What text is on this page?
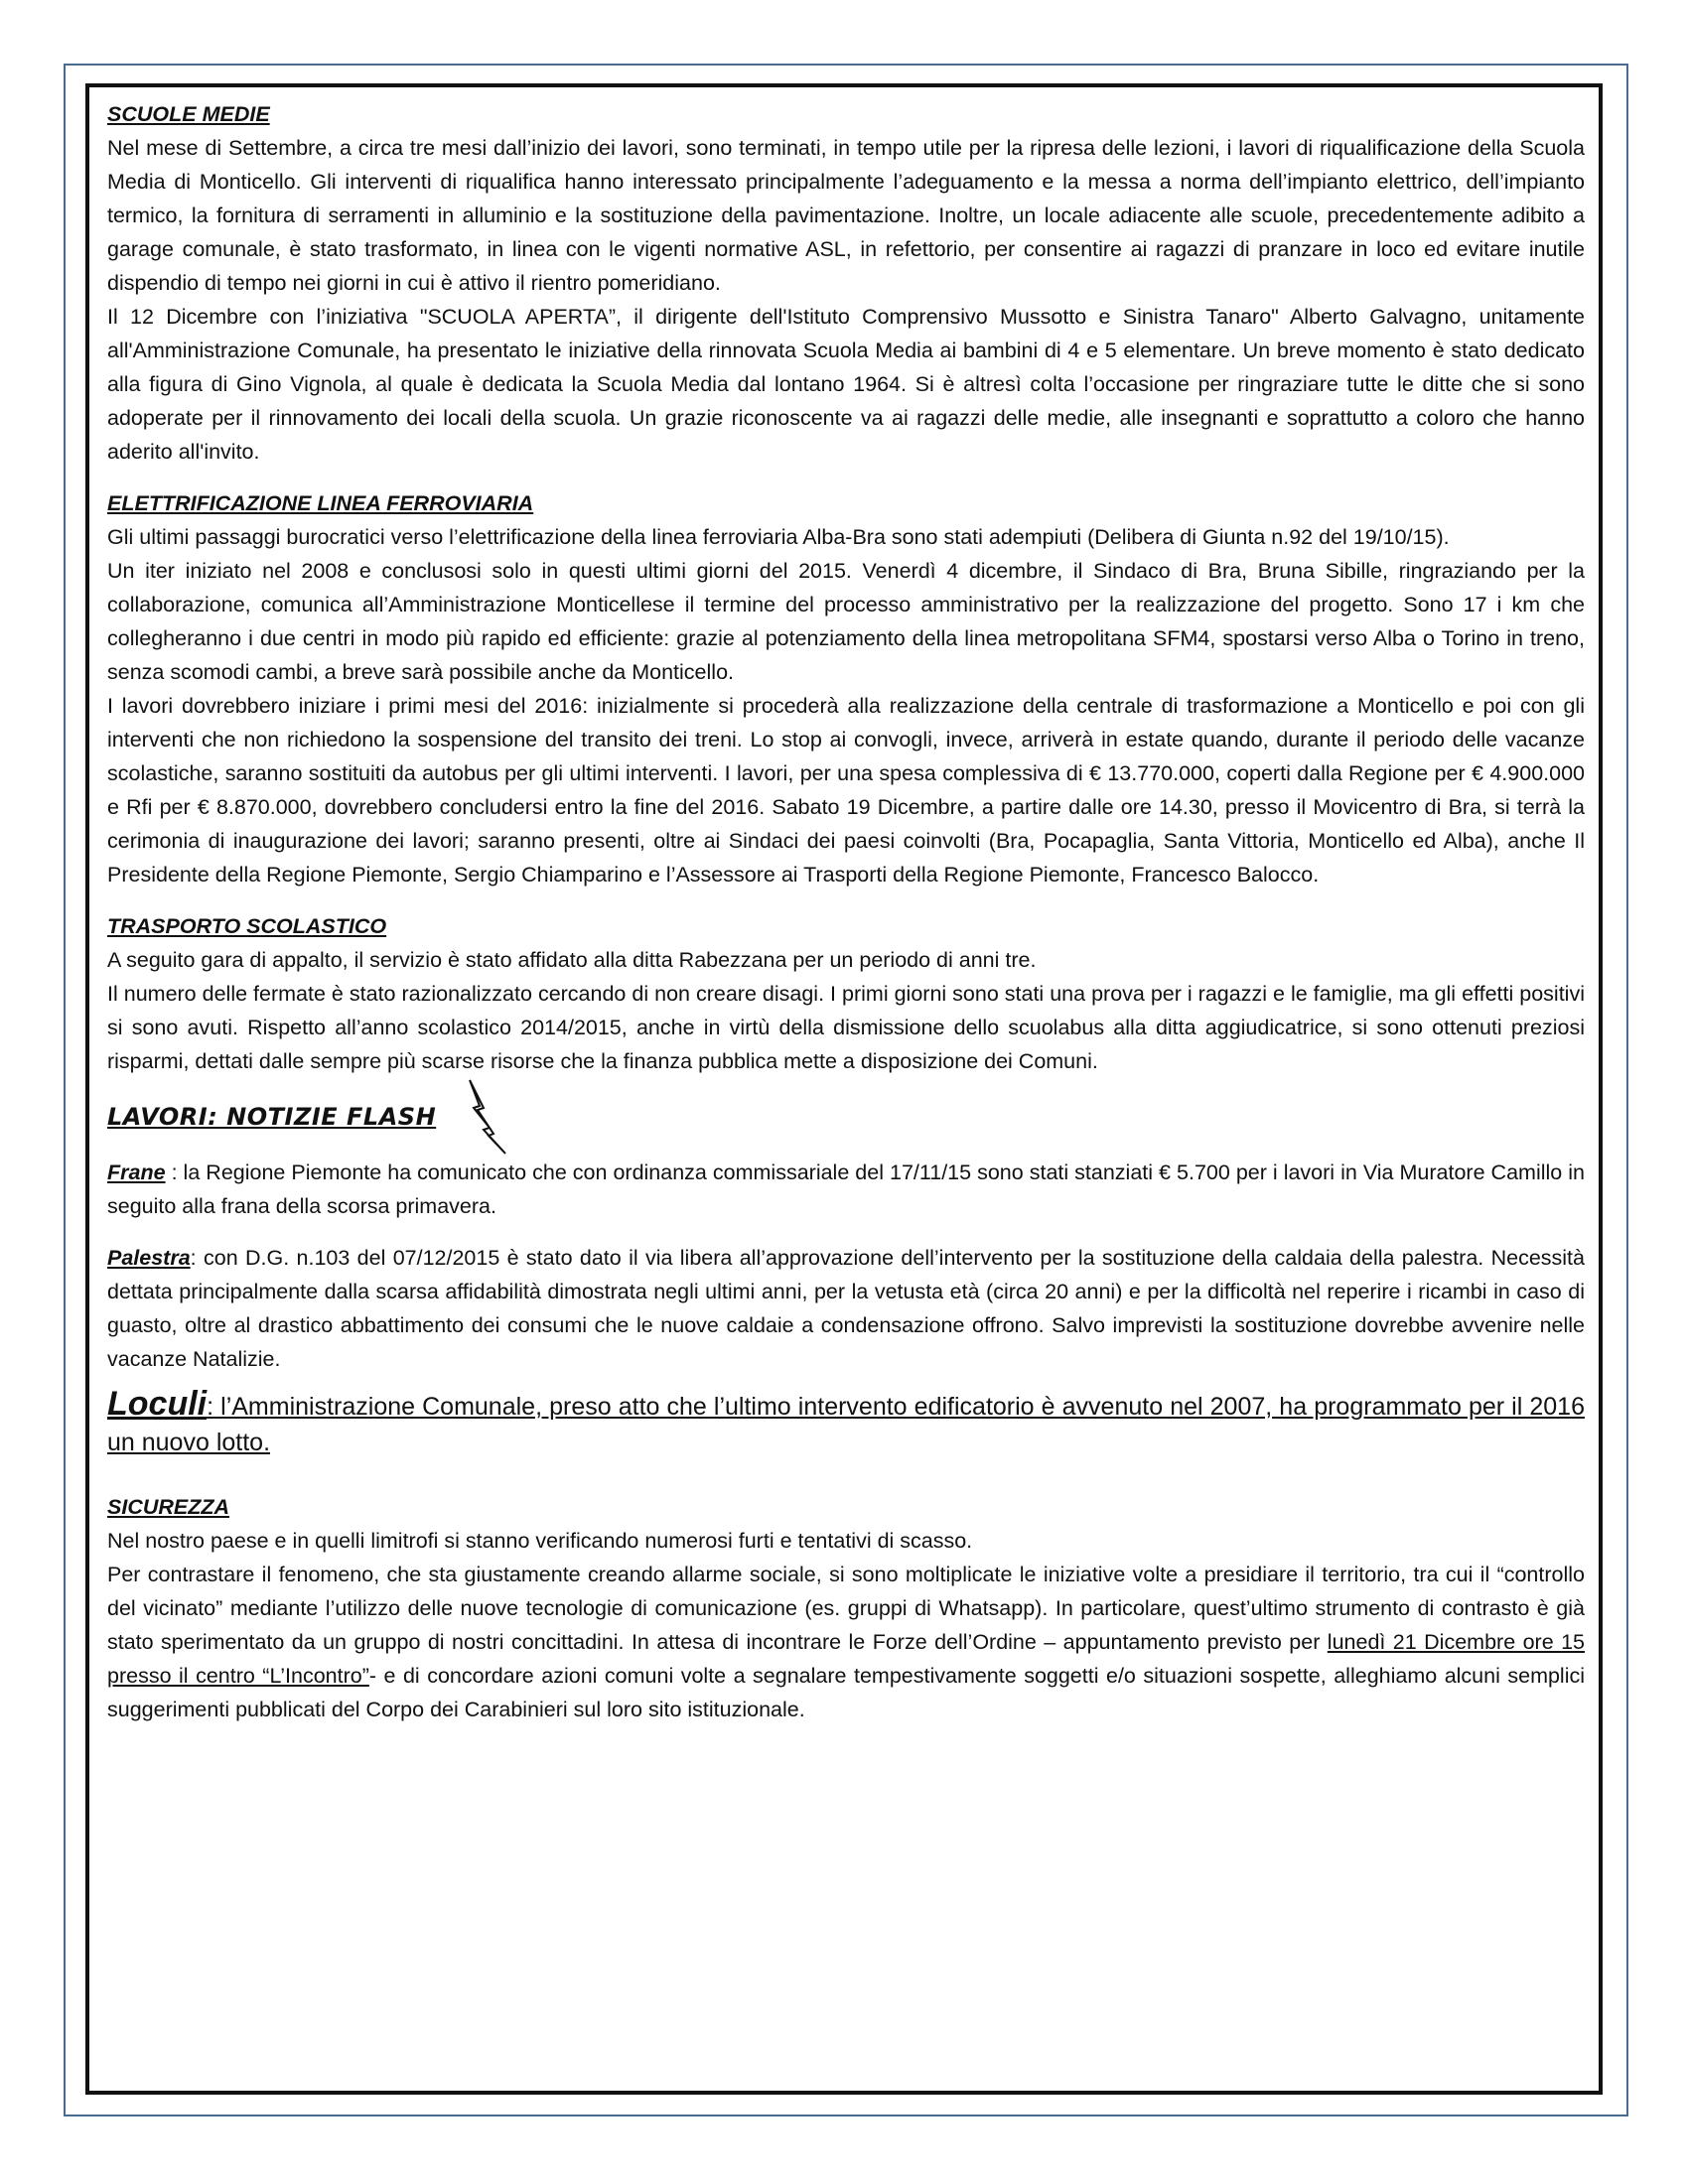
SCUOLE MEDIE

Nel mese di Settembre, a circa tre mesi dall’inizio dei lavori, sono terminati, in tempo utile per la ripresa delle lezioni, i lavori di riqualificazione della Scuola Media di Monticello. Gli interventi di riqualifica hanno interessato principalmente l’adeguamento e la messa a norma dell’impianto elettrico, dell’impianto termico, la fornitura di serramenti in alluminio e la sostituzione della pavimentazione. Inoltre, un locale adiacente alle scuole, precedentemente adibito a garage comunale, è stato trasformato, in linea con le vigenti normative ASL, in refettorio, per consentire ai ragazzi di pranzare in loco ed evitare inutile dispendio di tempo nei giorni in cui è attivo il rientro pomeridiano.

Il 12 Dicembre con l’iniziativa "SCUOLA APERTA”, il dirigente dell'Istituto Comprensivo Mussotto e Sinistra Tanaro" Alberto Galvagno, unitamente all'Amministrazione Comunale, ha presentato le iniziative della rinnovata Scuola Media ai bambini di 4 e 5 elementare. Un breve momento è stato dedicato alla figura di Gino Vignola, al quale è dedicata la Scuola Media dal lontano 1964. Si è altresì colta l’occasione per ringraziare tutte le ditte che si sono adoperate per il rinnovamento dei locali della scuola. Un grazie riconoscente va ai ragazzi delle medie, alle insegnanti e soprattutto a coloro che hanno aderito all'invito.

ELETTRIFICAZIONE LINEA FERROVIARIA

Gli ultimi passaggi burocratici verso l’elettrificazione della linea ferroviaria Alba-Bra sono stati adempiuti (Delibera di Giunta n.92 del 19/10/15).

Un iter iniziato nel 2008 e conclusosi solo in questi ultimi giorni del 2015. Venerdì 4 dicembre, il Sindaco di Bra, Bruna Sibille, ringraziando per la collaborazione, comunica all’Amministrazione Monticellese il termine del processo amministrativo per la realizzazione del progetto. Sono 17 i km che collegheranno i due centri in modo più rapido ed efficiente: grazie al potenziamento della linea metropolitana SFM4, spostarsi verso Alba o Torino in treno, senza scomodi cambi, a breve sarà possibile anche da Monticello.

I lavori dovrebbero iniziare i primi mesi del 2016: inizialmente si procederà alla realizzazione della centrale di trasformazione a Monticello e poi con gli interventi che non richiedono la sospensione del transito dei treni. Lo stop ai convogli, invece, arriverà in estate quando, durante il periodo delle vacanze scolastiche, saranno sostituiti da autobus per gli ultimi interventi. I lavori, per una spesa complessiva di € 13.770.000, coperti dalla Regione per € 4.900.000 e Rfi per € 8.870.000, dovrebbero concludersi entro la fine del 2016. Sabato 19 Dicembre, a partire dalle ore 14.30, presso il Movicentro di Bra, si terrà la cerimonia di inaugurazione dei lavori; saranno presenti, oltre ai Sindaci dei paesi coinvolti (Bra, Pocapaglia, Santa Vittoria, Monticello ed Alba), anche Il Presidente della Regione Piemonte, Sergio Chiamparino e l’Assessore ai Trasporti della Regione Piemonte, Francesco Balocco.

TRASPORTO SCOLASTICO

A seguito gara di appalto, il servizio è stato affidato alla ditta Rabezzana per un periodo di anni tre.

Il numero delle fermate è stato razionalizzato cercando di non creare disagi. I primi giorni sono stati una prova per i ragazzi e le famiglie, ma gli effetti positivi si sono avuti. Rispetto all’anno scolastico 2014/2015, anche in virtù della dismissione dello scuolabus alla ditta aggiudicatrice, si sono ottenuti preziosi risparmi, dettati dalle sempre più scarse risorse che la finanza pubblica mette a disposizione dei Comuni.

LAVORI: NOTIZIE FLASH

Frane : la Regione Piemonte ha comunicato che con ordinanza commissariale del 17/11/15 sono stati stanziati € 5.700 per i lavori in Via Muratore Camillo in seguito alla frana della scorsa primavera.

Palestra: con D.G. n.103 del 07/12/2015 è stato dato il via libera all’approvazione dell’intervento per la sostituzione della caldaia della palestra. Necessità dettata principalmente dalla scarsa affidabilità dimostrata negli ultimi anni, per la vetusta età (circa 20 anni) e per la difficoltà nel reperire i ricambi in caso di guasto, oltre al drastico abbattimento dei consumi che le nuove caldaie a condensazione offrono. Salvo imprevisti la sostituzione dovrebbe avvenire nelle vacanze Natalizie.

Loculi: l’Amministrazione Comunale, preso atto che l’ultimo intervento edificatorio è avvenuto nel 2007, ha programmato per il 2016 un nuovo lotto.

SICUREZZA

Nel nostro paese e in quelli limitrofi si stanno verificando numerosi furti e tentativi di scasso.

Per contrastare il fenomeno, che sta giustamente creando allarme sociale, si sono moltiplicate le iniziative volte a presidiare il territorio, tra cui il “controllo del vicinato” mediante l’utilizzo delle nuove tecnologie di comunicazione (es. gruppi di Whatsapp). In particolare, quest’ultimo strumento di contrasto è già stato sperimentato da un gruppo di nostri concittadini. In attesa di incontrare le Forze dell’Ordine – appuntamento previsto per lunedì 21 Dicembre ore 15 presso il centro “L’Incontro”- e di concordare azioni comuni volte a segnalare tempestivamente soggetti e/o situazioni sospette, alleghiamo alcuni semplici suggerimenti pubblicati del Corpo dei Carabinieri sul loro sito istituzionale.
